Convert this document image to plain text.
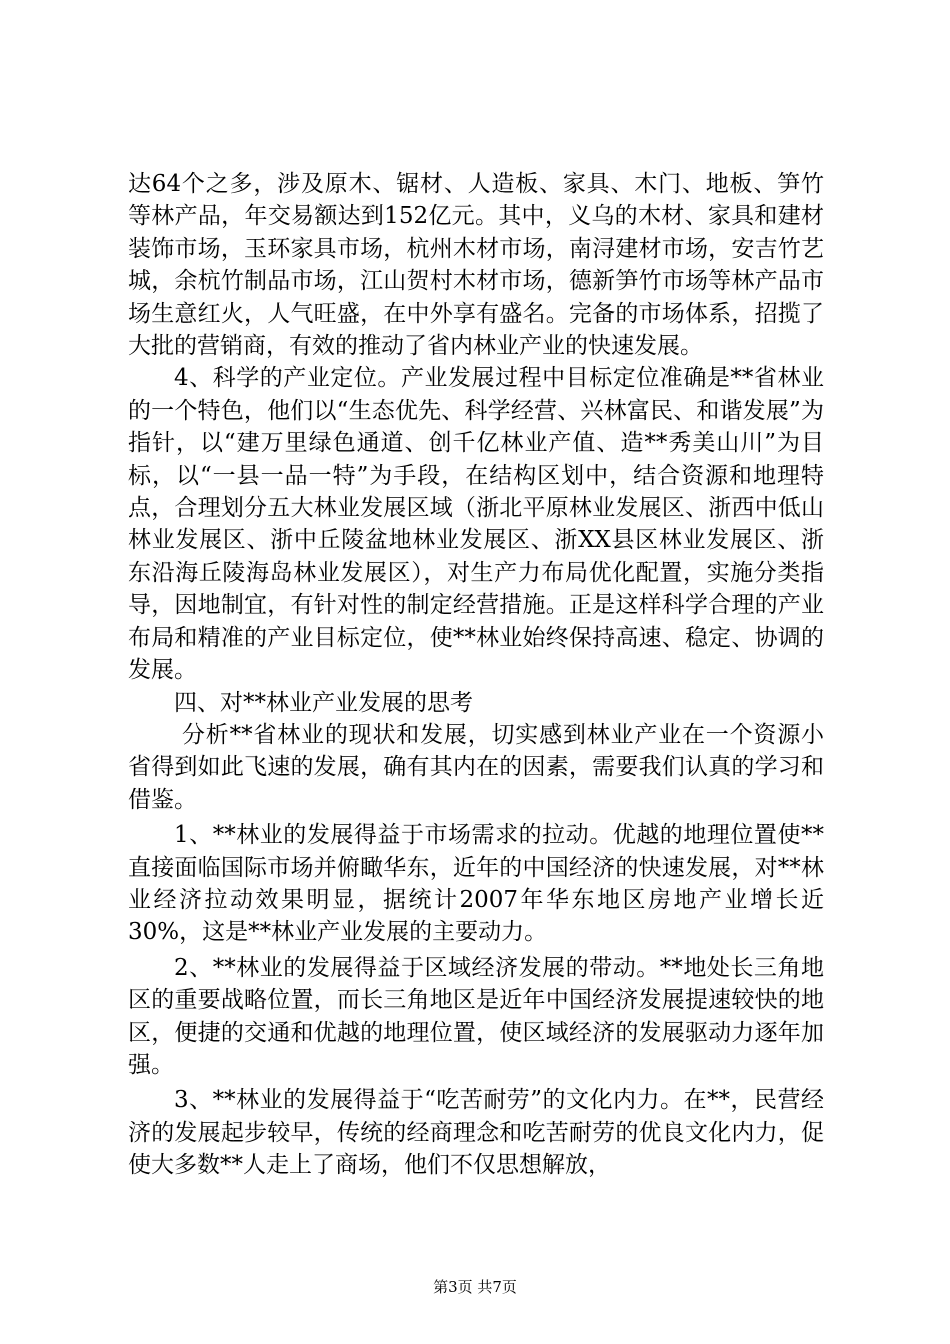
达64个之多，涉及原木、锯材、人造板、家具、木门、地板、笋竹等林产品，年交易额达到152亿元。其中，义乌的木材、家具和建材装饰市场，玉环家具市场，杭州木材市场，南浔建材市场，安吉竹艺城，余杭竹制品市场，江山贺村木材市场，德新笋竹市场等林产品市场生意红火，人气旺盛，在中外享有盛名。完备的市场体系，招揽了大批的营销商，有效的推动了省内林业产业的快速发展。

4、科学的产业定位。产业发展过程中目标定位准确是**省林业的一个特色，他们以“生态优先、科学经营、兴林富民、和谐发展”为指针，以“建万里绿色通道、创千亿林业产值、造**秀美山川”为目标，以“一县一品一特”为手段，在结构区划中，结合资源和地理特点，合理划分五大林业发展区域（浙北平原林业发展区、浙西中低山林业发展区、浙中丘陵盆地林业发展区、浙XX县区林业发展区、浙东沿海丘陵海岛林业发展区），对生产力布局优化配置，实施分类指导，因地制宜，有针对性的制定经营措施。正是这样科学合理的产业布局和精准的产业目标定位，使**林业始终保持高速、稳定、协调的发展。

四、对**林业产业发展的思考

分析**省林业的现状和发展，切实感到林业产业在一个资源小省得到如此飞速的发展，确有其内在的因素，需要我们认真的学习和借鉴。

1、**林业的发展得益于市场需求的拉动。优越的地理位置使**直接面临国际市场并俯瞰华东，近年的中国经济的快速发展，对**林业经济拉动效果明显，据统计2007年华东地区房地产业增长近30%，这是**林业产业发展的主要动力。

2、**林业的发展得益于区域经济发展的带动。**地处长三角地区的重要战略位置，而长三角地区是近年中国经济发展提速较快的地区，便捷的交通和优越的地理位置，使区域经济的发展驱动力逐年加强。

3、**林业的发展得益于“吃苦耐劳”的文化内力。在**，民营经济的发展起步较早，传统的经商理念和吃苦耐劳的优良文化内力，促使大多数**人走上了商场，他们不仅思想解放，

第3页 共7页
